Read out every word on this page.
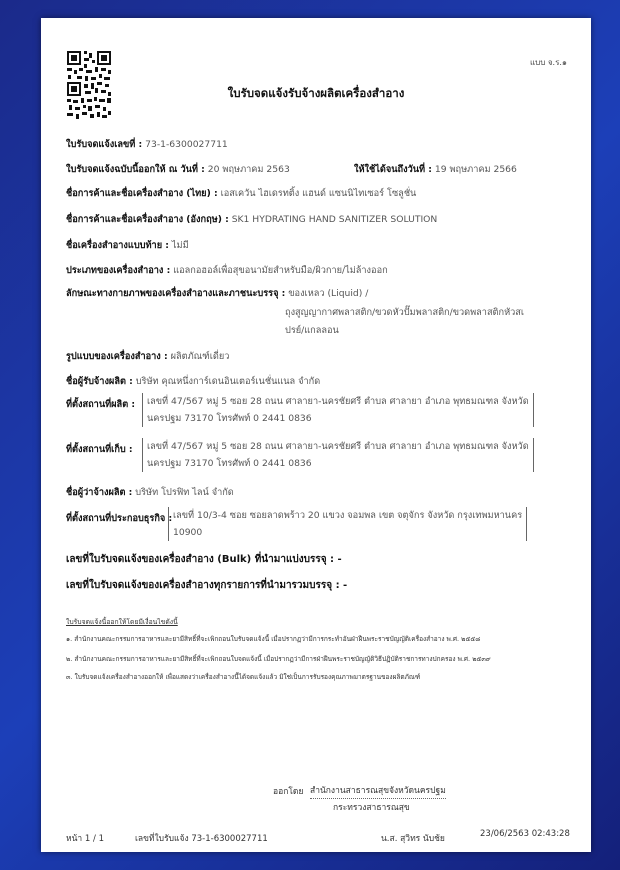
แบบ จ.ร.๑
ใบรับจดแจ้งรับจ้างผลิตเครื่องสำอาง
ใบรับจดแจ้งเลขที่ : 73-1-6300027711
ใบรับจดแจ้งฉบับนี้ออกให้ ณ วันที่ : 20 พฤษภาคม 2563	ให้ใช้ได้จนถึงวันที่ : 19 พฤษภาคม 2566
ชื่อการค้าและชื่อเครื่องสำอาง (ไทย) : เอสเควัน ไฮเดรทติ้ง แฮนด์ แซนนิไทเซอร์ โซลูชั่น
ชื่อการค้าและชื่อเครื่องสำอาง (อังกฤษ) : SK1 HYDRATING HAND SANITIZER SOLUTION
ชื่อเครื่องสำอางแบบท้าย : ไม่มี
ประเภทของเครื่องสำอาง : แอลกอฮอล์เพื่อสุขอนามัยสำหรับมือ/ผิวกาย/ไม่ล้างออก
ลักษณะทางกายภาพของเครื่องสำอางและภาชนะบรรจุ : ของเหลว (Liquid) /
ถุงสูญญากาศพลาสติก/ขวดหัวปั๊มพลาสติก/ขวดพลาสติกหัวสเ
ปรย์/แกลลอน
รูปแบบของเครื่องสำอาง : ผลิตภัณฑ์เดี่ยว
ชื่อผู้รับจ้างผลิต : บริษัท คุณหนึ่งการ์เดนอินเตอร์เนชั่นแนล จำกัด
ที่ตั้งสถานที่ผลิต : เลขที่ 47/567 หมู่ 5 ซอย 28 ถนน ศาลายา-นครชัยศรี ตำบล ศาลายา อำเภอ พุทธมณฑล จังหวัด
นครปฐม 73170 โทรศัพท์ 0 2441 0836
ที่ตั้งสถานที่เก็บ : เลขที่ 47/567 หมู่ 5 ซอย 28 ถนน ศาลายา-นครชัยศรี ตำบล ศาลายา อำเภอ พุทธมณฑล จังหวัด
นครปฐม 73170 โทรศัพท์ 0 2441 0836
ชื่อผู้ว่าจ้างผลิต : บริษัท โปรฟิท ไลน์ จำกัด
ที่ตั้งสถานที่ประกอบธุรกิจ : เลขที่ 10/3-4 ซอย ซอยลาดพร้าว 20 แขวง จอมพล เขต จตุจักร จังหวัด กรุงเทพมหานคร
10900
เลขที่ใบรับจดแจ้งของเครื่องสำอาง (Bulk) ที่นำมาแบ่งบรรจุ : -
เลขที่ใบรับจดแจ้งของเครื่องสำอางทุกรายการที่นำมารวมบรรจุ : -
ใบรับจดแจ้งนี้ออกให้โดยมีเงื่อนไขดังนี้
๑. สำนักงานคณะกรรมการอาหารและยามีสิทธิ์ที่จะเพิกถอนใบรับจดแจ้งนี้ เมื่อปรากฏว่ามีการกระทำอันฝ่าฝืนพระราชบัญญัติเครื่องสำอาง พ.ศ. ๒๕๕๘
๒. สำนักงานคณะกรรมการอาหารและยามีสิทธิ์ที่จะเพิกถอนใบจดแจ้งนี้ เมื่อปรากฏว่ามีการฝ่าฝืนพระราชบัญญัติวิธีปฏิบัติราชการทางปกครอง พ.ศ. ๒๕๓๙
๓. ใบรับจดแจ้งเครื่องสำอางออกให้ เพื่อแสดงว่าเครื่องสำอางนี้ได้จดแจ้งแล้ว มิใช่เป็นการรับรองคุณภาพมาตรฐานของผลิตภัณฑ์
ออกโดย สำนักงานสาธารณสุขจังหวัดนครปฐม
กระทรวงสาธารณสุข
หน้า 1 / 1	เลขที่ใบรับแจ้ง 73-1-6300027711	น.ส. สุวิทร นับช้ย	23/06/2563 02:43:28
